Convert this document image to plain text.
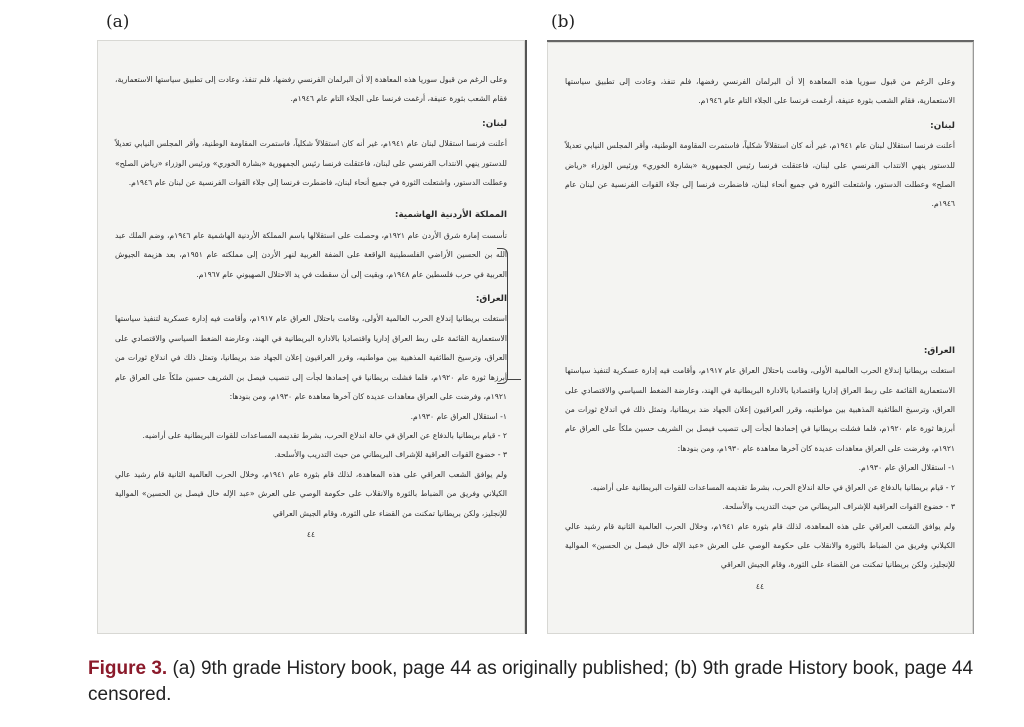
(a)	(b)

وعلى الرغم من قبول سوريا هذه المعاهدة إلا أن البرلمان الفرنسي رفضها، فلم تنفذ، وعادت إلى تطبيق سياستها الاستعمارية، فقام الشعب بثورة عنيفة، أرغمت فرنسا على الجلاء التام عام ١٩٤٦م.

لبنان:

أعلنت فرنسا استقلال لبنان عام ١٩٤١م، غير أنه كان استقلالاً شكلياً، فاستمرت المقاومة الوطنية، وأقر المجلس النيابي تعديلاً للدستور ينهي الانتداب الفرنسي على لبنان، فاعتقلت فرنسا رئيس الجمهورية «بشارة الخوري» ورئيس الوزراء «رياض الصلح» وعطلت الدستور، واشتعلت الثورة في جميع أنحاء لبنان، فاضطرت فرنسا إلى جلاء القوات الفرنسية عن لبنان عام ١٩٤٦م.

المملكة الأردنية الهاشمية:

تأسست إمارة شرق الأردن عام ١٩٢١م، وحصلت على استقلالها باسم المملكة الأردنية الهاشمية عام ١٩٤٦م، وضم الملك عبد الله بن الحسين الأراضي الفلسطينية الواقعة على الضفة الغربية لنهر الأردن إلى مملكته عام ١٩٥١م، بعد هزيمة الجيوش العربية في حرب فلسطين عام ١٩٤٨م، وبقيت إلى أن سقطت في يد الاحتلال الصهيوني عام ١٩٦٧م.

العراق:

استغلت بريطانيا إندلاع الحرب العالمية الأولى، وقامت باحتلال العراق عام ١٩١٧م، وأقامت فيه إدارة عسكرية لتنفيذ سياستها الاستعمارية القائمة على ربط العراق إداريا واقتصاديا بالادارة البريطانية في الهند، وعارضة الضغط السياسي والاقتصادي على العراق، وترسيخ الطائفية المذهبية بين مواطنيه، وقرر العراقيون إعلان الجهاد ضد بريطانيا، وتمثل ذلك في اندلاع ثورات من أبرزها ثورة عام ١٩٢٠م، فلما فشلت بريطانيا في إخمادها لجأت إلى تنصيب فيصل بن الشريف حسين ملكاً على العراق عام ١٩٢١م، وفرضت على العراق معاهدات عديدة كان آخرها معاهدة عام ١٩٣٠م، ومن بنودها:

١- استقلال العراق عام ١٩٣٠م.

٢ - قيام بريطانيا بالدفاع عن العراق في حالة اندلاع الحرب، بشرط تقديمه المساعدات للقوات البريطانية على أراضيه.

٣ - خضوع القوات العراقية للإشراف البريطاني من حيث التدريب والأسلحة.

ولم يوافق الشعب العراقي على هذه المعاهدة، لذلك قام بثورة عام ١٩٤١م، وخلال الحرب العالمية الثانية قام رشيد عالي الكيلاني وفريق من الضباط بالثورة والانقلاب على حكومة الوصي على العرش «عبد الإله خال فيصل بن الحسين» الموالية للإنجليز، ولكن بريطانيا تمكنت من القضاء على الثورة، وقام الجيش العراقي

٤٤

وعلى الرغم من قبول سوريا هذه المعاهدة إلا أن البرلمان الفرنسي رفضها، فلم تنفذ، وعادت إلى تطبيق سياستها الاستعمارية، فقام الشعب بثورة عنيفة، أرغمت فرنسا على الجلاء التام عام ١٩٤٦م.

لبنان:

أعلنت فرنسا استقلال لبنان عام ١٩٤١م، غير أنه كان استقلالاً شكلياً، فاستمرت المقاومة الوطنية، وأقر المجلس النيابي تعديلاً للدستور ينهي الانتداب الفرنسي على لبنان، فاعتقلت فرنسا رئيس الجمهورية «بشارة الخوري» ورئيس الوزراء «رياض الصلح» وعطلت الدستور، واشتعلت الثورة في جميع أنحاء لبنان، فاضطرت فرنسا إلى جلاء القوات الفرنسية عن لبنان عام ١٩٤٦م.

العراق:

استغلت بريطانيا إندلاع الحرب العالمية الأولى، وقامت باحتلال العراق عام ١٩١٧م، وأقامت فيه إدارة عسكرية لتنفيذ سياستها الاستعمارية القائمة على ربط العراق إداريا واقتصاديا بالادارة البريطانية في الهند، وعارضة الضغط السياسي والاقتصادي على العراق، وترسيخ الطائفية المذهبية بين مواطنيه، وقرر العراقيون إعلان الجهاد ضد بريطانيا، وتمثل ذلك في اندلاع ثورات من أبرزها ثورة عام ١٩٢٠م، فلما فشلت بريطانيا في إخمادها لجأت إلى تنصيب فيصل بن الشريف حسين ملكاً على العراق عام ١٩٢١م، وفرضت على العراق معاهدات عديدة كان آخرها معاهدة عام ١٩٣٠م، ومن بنودها:

١- استقلال العراق عام ١٩٣٠م.

٢ - قيام بريطانيا بالدفاع عن العراق في حالة اندلاع الحرب، بشرط تقديمه المساعدات للقوات البريطانية على أراضيه.

٣ - خضوع القوات العراقية للإشراف البريطاني من حيث التدريب والأسلحة.

ولم يوافق الشعب العراقي على هذه المعاهدة، لذلك قام بثورة عام ١٩٤١م، وخلال الحرب العالمية الثانية قام رشيد عالي الكيلاني وفريق من الضباط بالثورة والانقلاب على حكومة الوصي على العرش «عبد الإله خال فيصل بن الحسين» الموالية للإنجليز، ولكن بريطانيا تمكنت من القضاء على الثورة، وقام الجيش العراقي

٤٤

Figure 3. (a) 9th grade History book, page 44 as originally published; (b) 9th grade History book, page 44 censored.
